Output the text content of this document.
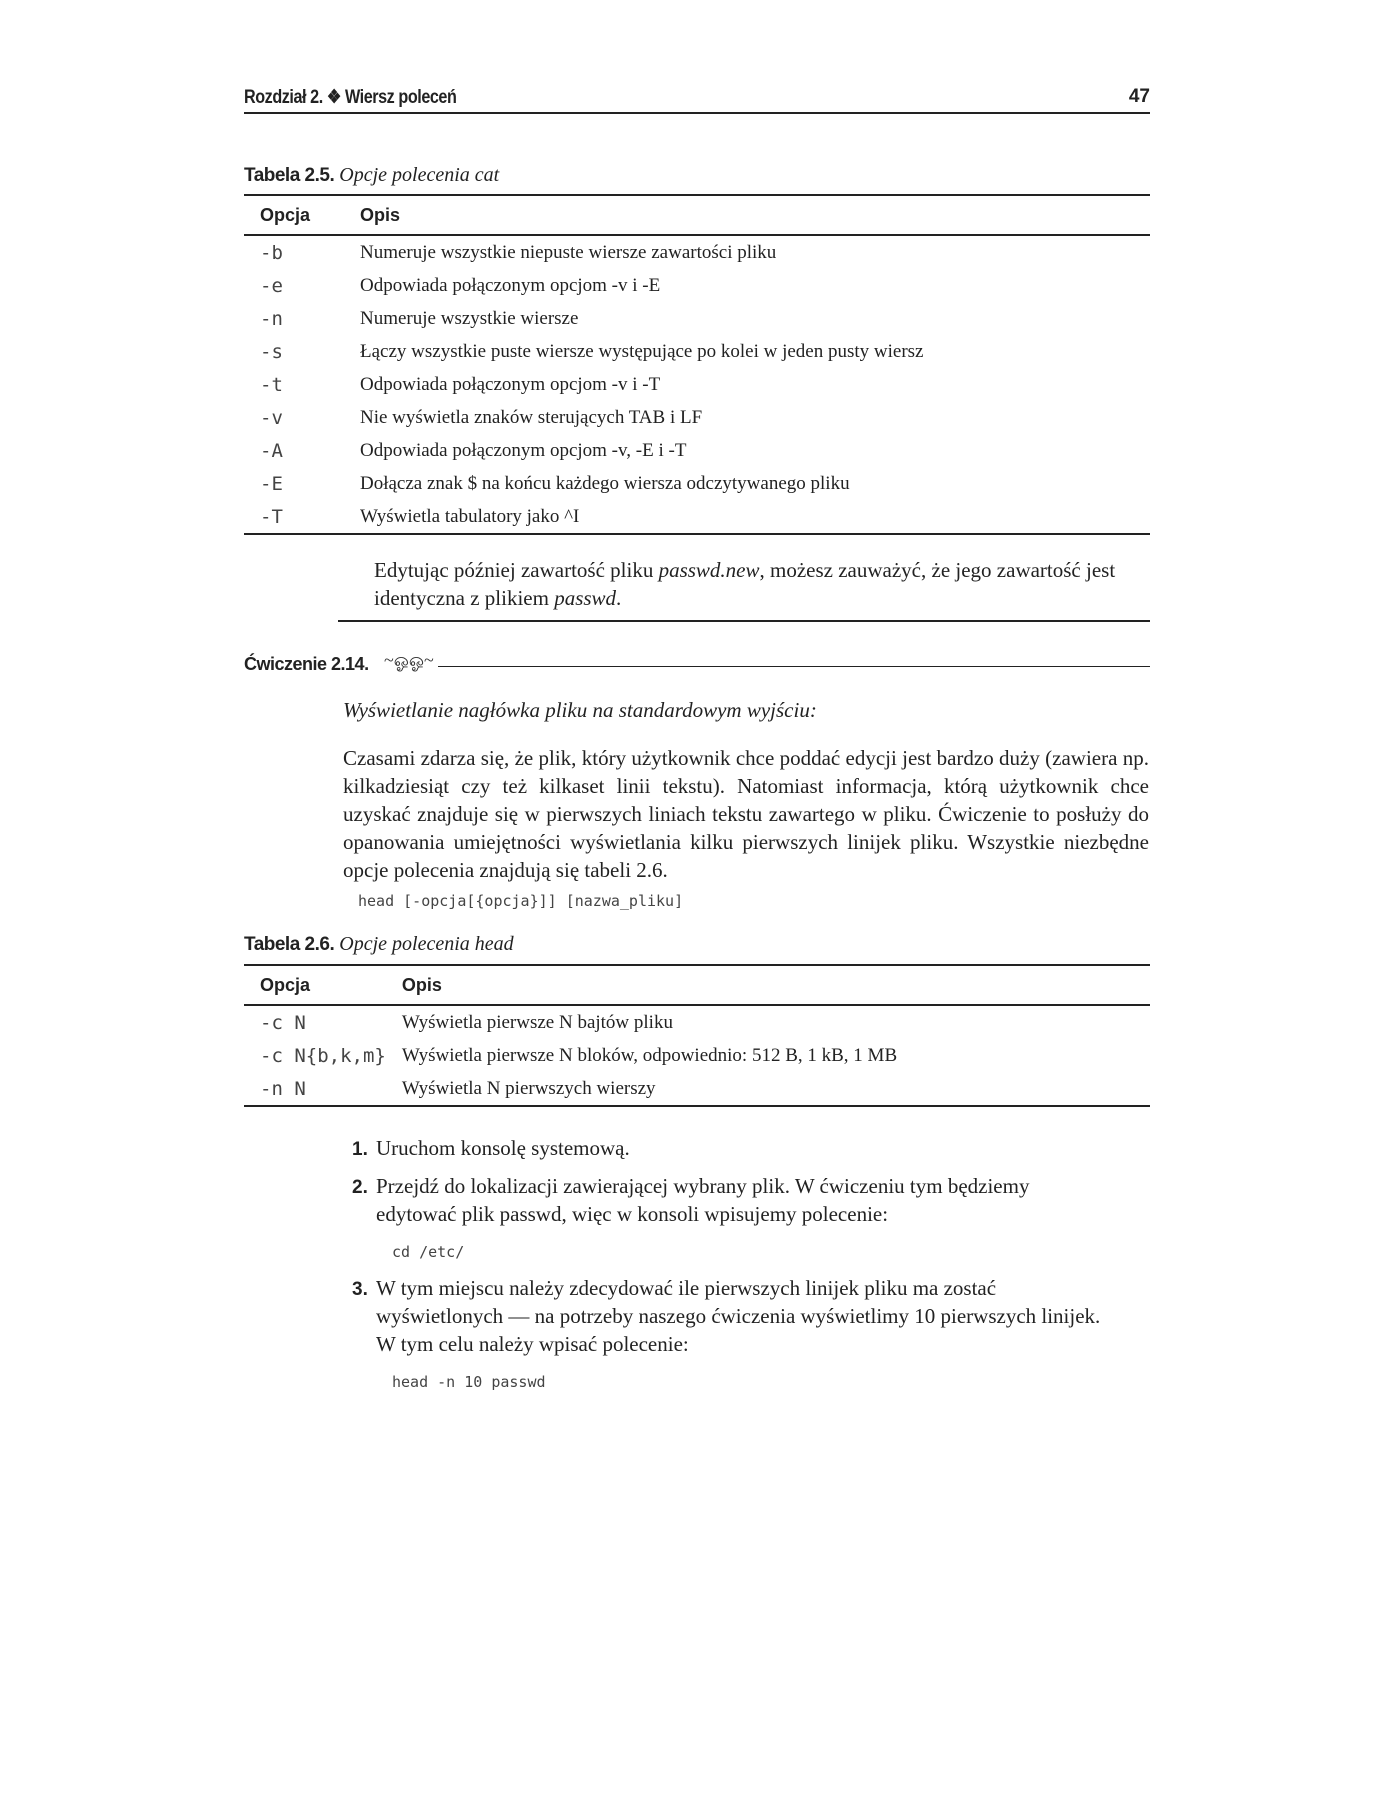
Rozdział 2. ❖ Wiersz poleceń	47
Tabela 2.5. Opcje polecenia cat
Opcja	Opis
-b	Numeruje wszystkie niepuste wiersze zawartości pliku
-e	Odpowiada połączonym opcjom -v i -E
-n	Numeruje wszystkie wiersze
-s	Łączy wszystkie puste wiersze występujące po kolei w jeden pusty wiersz
-t	Odpowiada połączonym opcjom -v i -T
-v	Nie wyświetla znaków sterujących TAB i LF
-A	Odpowiada połączonym opcjom -v, -E i -T
-E	Dołącza znak $ na końcu każdego wiersza odczytywanego pliku
-T	Wyświetla tabulatory jako ^I
Edytując później zawartość pliku passwd.new, możesz zauważyć, że jego zawartość jest identyczna z plikiem passwd.
Ćwiczenie 2.14. ~ஓஓ~
Wyświetlanie nagłówka pliku na standardowym wyjściu:
Czasami zdarza się, że plik, który użytkownik chce poddać edycji jest bardzo duży (zawiera np. kilkadziesiąt czy też kilkaset linii tekstu). Natomiast informacja, którą użytkownik chce uzyskać znajduje się w pierwszych liniach tekstu zawartego w pliku. Ćwiczenie to posłuży do opanowania umiejętności wyświetlania kilku pierwszych linijek pliku. Wszystkie niezbędne opcje polecenia znajdują się tabeli 2.6.
head [-opcja[{opcja}]] [nazwa_pliku]
Tabela 2.6. Opcje polecenia head
Opcja	Opis
-c N	Wyświetla pierwsze N bajtów pliku
-c N{b,k,m}	Wyświetla pierwsze N bloków, odpowiednio: 512 B, 1 kB, 1 MB
-n N	Wyświetla N pierwszych wierszy
1. Uruchom konsolę systemową.
2. Przejdź do lokalizacji zawierającej wybrany plik. W ćwiczeniu tym będziemy edytować plik passwd, więc w konsoli wpisujemy polecenie:
cd /etc/
3. W tym miejscu należy zdecydować ile pierwszych linijek pliku ma zostać wyświetlonych — na potrzeby naszego ćwiczenia wyświetlimy 10 pierwszych linijek. W tym celu należy wpisać polecenie:
head -n 10 passwd
